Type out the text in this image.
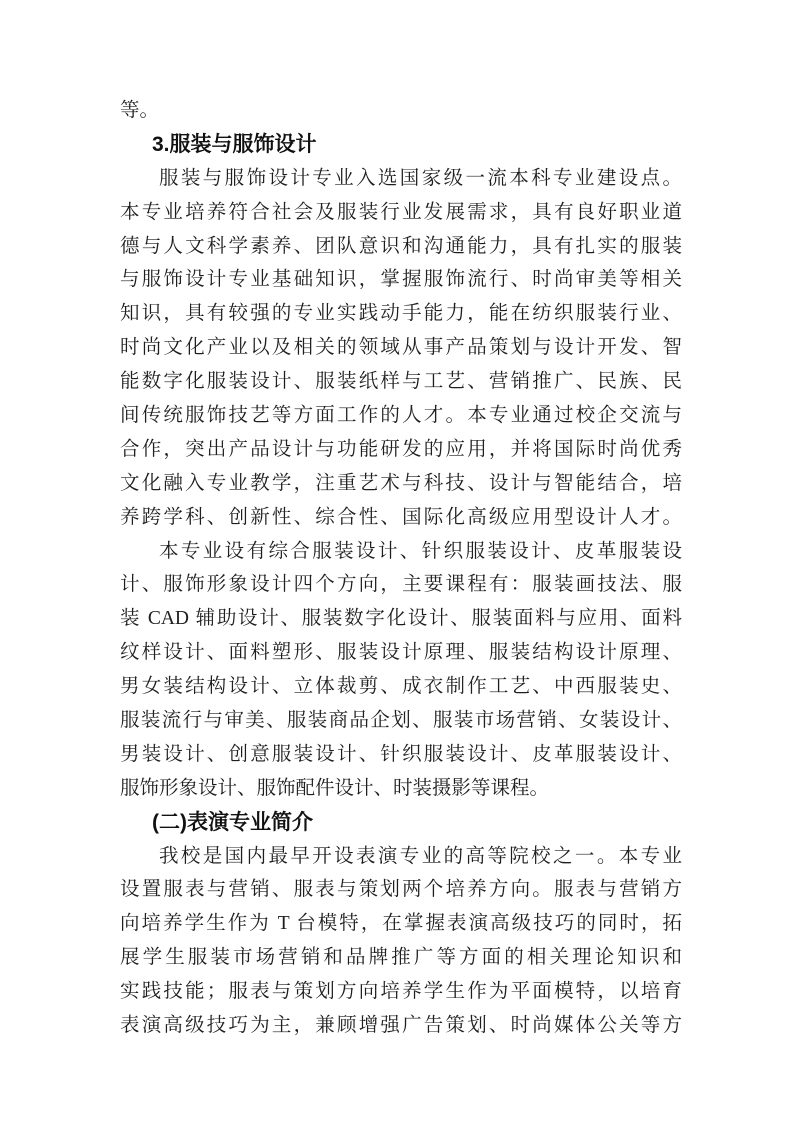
等。
3.服装与服饰设计
服装与服饰设计专业入选国家级一流本科专业建设点。
本专业培养符合社会及服装行业发展需求，具有良好职业道
德与人文科学素养、团队意识和沟通能力，具有扎实的服装
与服饰设计专业基础知识，掌握服饰流行、时尚审美等相关
知识，具有较强的专业实践动手能力，能在纺织服装行业、
时尚文化产业以及相关的领域从事产品策划与设计开发、智
能数字化服装设计、服装纸样与工艺、营销推广、民族、民
间传统服饰技艺等方面工作的人才。本专业通过校企交流与
合作，突出产品设计与功能研发的应用，并将国际时尚优秀
文化融入专业教学，注重艺术与科技、设计与智能结合，培
养跨学科、创新性、综合性、国际化高级应用型设计人才。
本专业设有综合服装设计、针织服装设计、皮革服装设
计、服饰形象设计四个方向，主要课程有：服装画技法、服
装 CAD 辅助设计、服装数字化设计、服装面料与应用、面料
纹样设计、面料塑形、服装设计原理、服装结构设计原理、
男女装结构设计、立体裁剪、成衣制作工艺、中西服装史、
服装流行与审美、服装商品企划、服装市场营销、女装设计、
男装设计、创意服装设计、针织服装设计、皮革服装设计、
服饰形象设计、服饰配件设计、时装摄影等课程。
(二)表演专业简介
我校是国内最早开设表演专业的高等院校之一。本专业
设置服表与营销、服表与策划两个培养方向。服表与营销方
向培养学生作为 T 台模特，在掌握表演高级技巧的同时，拓
展学生服装市场营销和品牌推广等方面的相关理论知识和
实践技能；服表与策划方向培养学生作为平面模特，以培育
表演高级技巧为主，兼顾增强广告策划、时尚媒体公关等方
